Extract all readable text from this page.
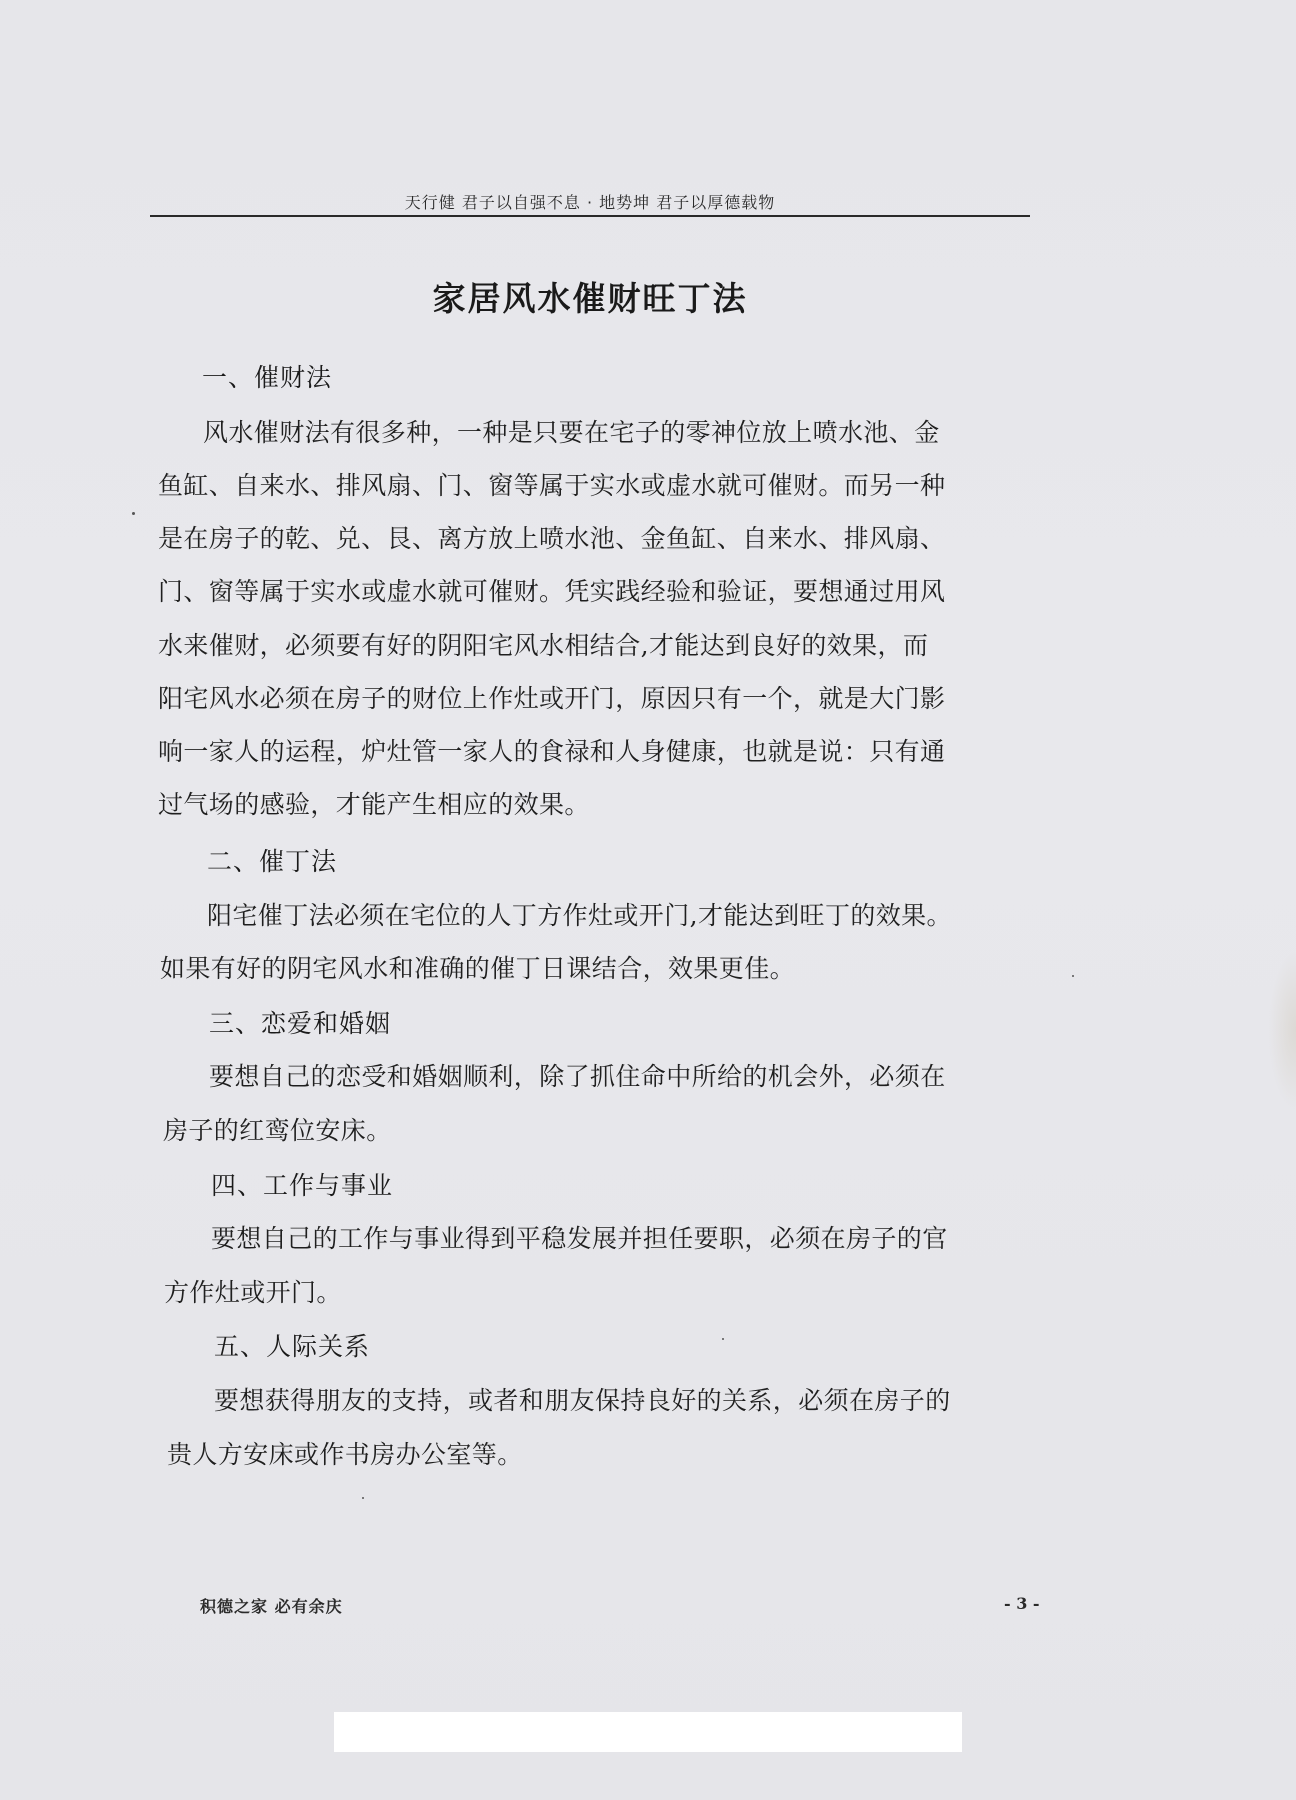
天行健 君子以自强不息 · 地势坤 君子以厚德载物
家居风水催财旺丁法
一、催财法
风水催财法有很多种，一种是只要在宅子的零神位放上喷水池、金
鱼缸、自来水、排风扇、门、窗等属于实水或虚水就可催财。而另一种
是在房子的乾、兑、艮、离方放上喷水池、金鱼缸、自来水、排风扇、
门、窗等属于实水或虚水就可催财。凭实践经验和验证，要想通过用风
水来催财，必须要有好的阴阳宅风水相结合,才能达到良好的效果，而
阳宅风水必须在房子的财位上作灶或开门，原因只有一个，就是大门影
响一家人的运程，炉灶管一家人的食禄和人身健康，也就是说：只有通
过气场的感验，才能产生相应的效果。
二、催丁法
阳宅催丁法必须在宅位的人丁方作灶或开门,才能达到旺丁的效果。
如果有好的阴宅风水和准确的催丁日课结合，效果更佳。
三、恋爱和婚姻
要想自己的恋受和婚姻顺利，除了抓住命中所给的机会外，必须在
房子的红鸾位安床。
四、工作与事业
要想自己的工作与事业得到平稳发展并担任要职，必须在房子的官
方作灶或开门。
五、人际关系
要想获得朋友的支持，或者和朋友保持良好的关系，必须在房子的
贵人方安床或作书房办公室等。
积德之家 必有余庆	- 3 -
